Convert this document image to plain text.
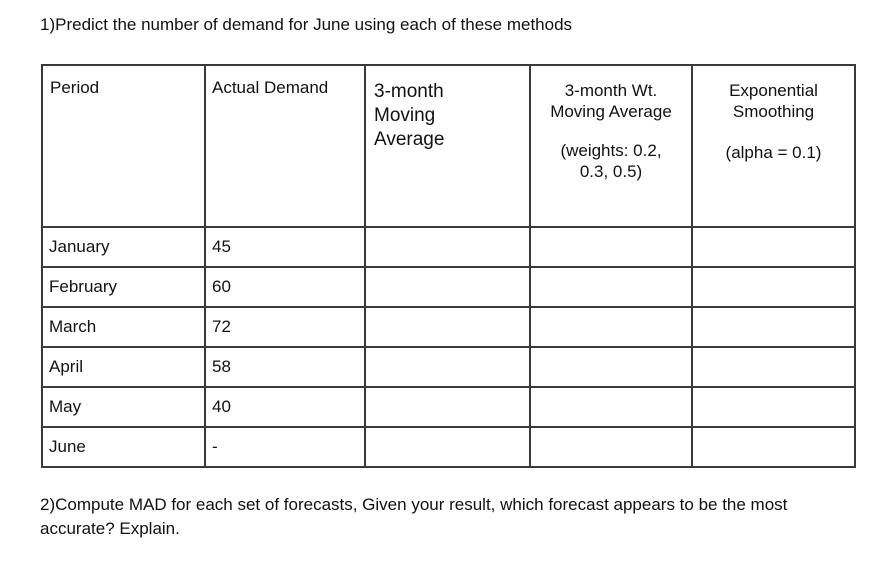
1)Predict the number of demand for June using each of these methods
Period	Actual Demand	3-month
Moving
Average	3-month Wt.
Moving Average
(weights: 0.2,
0.3, 0.5)	Exponential
Smoothing
(alpha = 0.1)

January	45			
February	60			
March	72			
April	58			
May	40			
June	-			
2)Compute MAD for each set of forecasts, Given your result, which forecast appears to be the most accurate? Explain.
